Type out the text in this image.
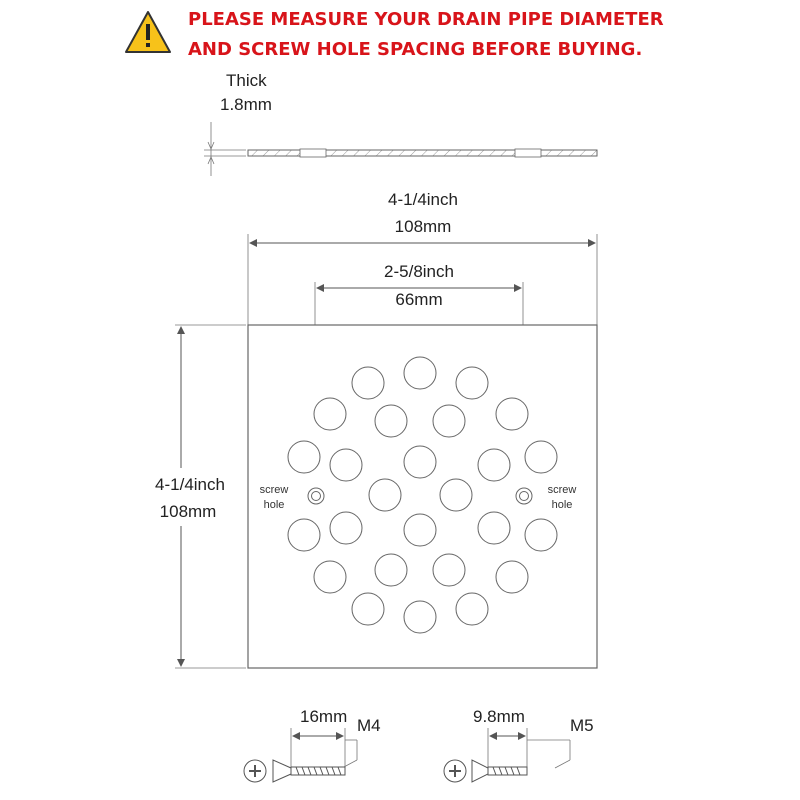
PLEASE MEASURE YOUR DRAIN PIPE DIAMETER
AND SCREW HOLE SPACING BEFORE BUYING.
Thick
1.8mm
4-1/4inch
108mm
2-5/8inch
66mm
4-1/4inch
108mm
screw
hole
screw
hole
16mm M4	9.8mm	M5
